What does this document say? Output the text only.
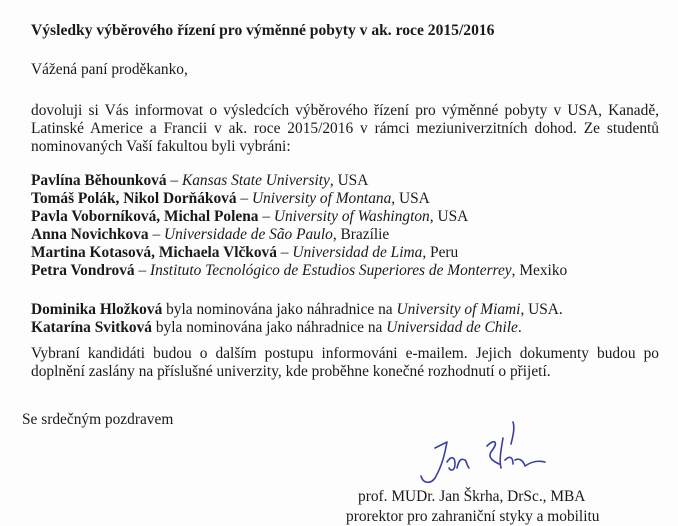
Výsledky výběrového řízení pro výměnné pobyty v ak. roce 2015/2016
Vážená paní proděkanko,
dovoluji si Vás informovat o výsledcích výběrového řízení pro výměnné pobyty v USA, Kanadě, Latinské Americe a Francii v ak. roce 2015/2016 v rámci meziuniverzitních dohod. Ze studentů nominovaných Vaší fakultou byli vybráni:
Pavlína Běhounková – Kansas State University, USA
Tomáš Polák, Nikol Dorňáková – University of Montana, USA
Pavla Voborníková, Michal Polena – University of Washington, USA
Anna Novichkova – Universidade de São Paulo, Brazílie
Martina Kotasová, Michaela Vlčková – Universidad de Lima, Peru
Petra Vondrová – Instituto Tecnológico de Estudios Superiores de Monterrey, Mexiko
Dominika Hložková byla nominována jako náhradnice na University of Miami, USA.
Katarína Svitková byla nominována jako náhradnice na Universidad de Chile.
Vybraní kandidáti budou o dalším postupu informováni e-mailem. Jejich dokumenty budou po doplnění zaslány na příslušné univerzity, kde proběhne konečné rozhodnutí o přijetí.
Se srdečným pozdravem
prof. MUDr. Jan Škrha, DrSc., MBA
prorektor pro zahraniční styky a mobilitu
